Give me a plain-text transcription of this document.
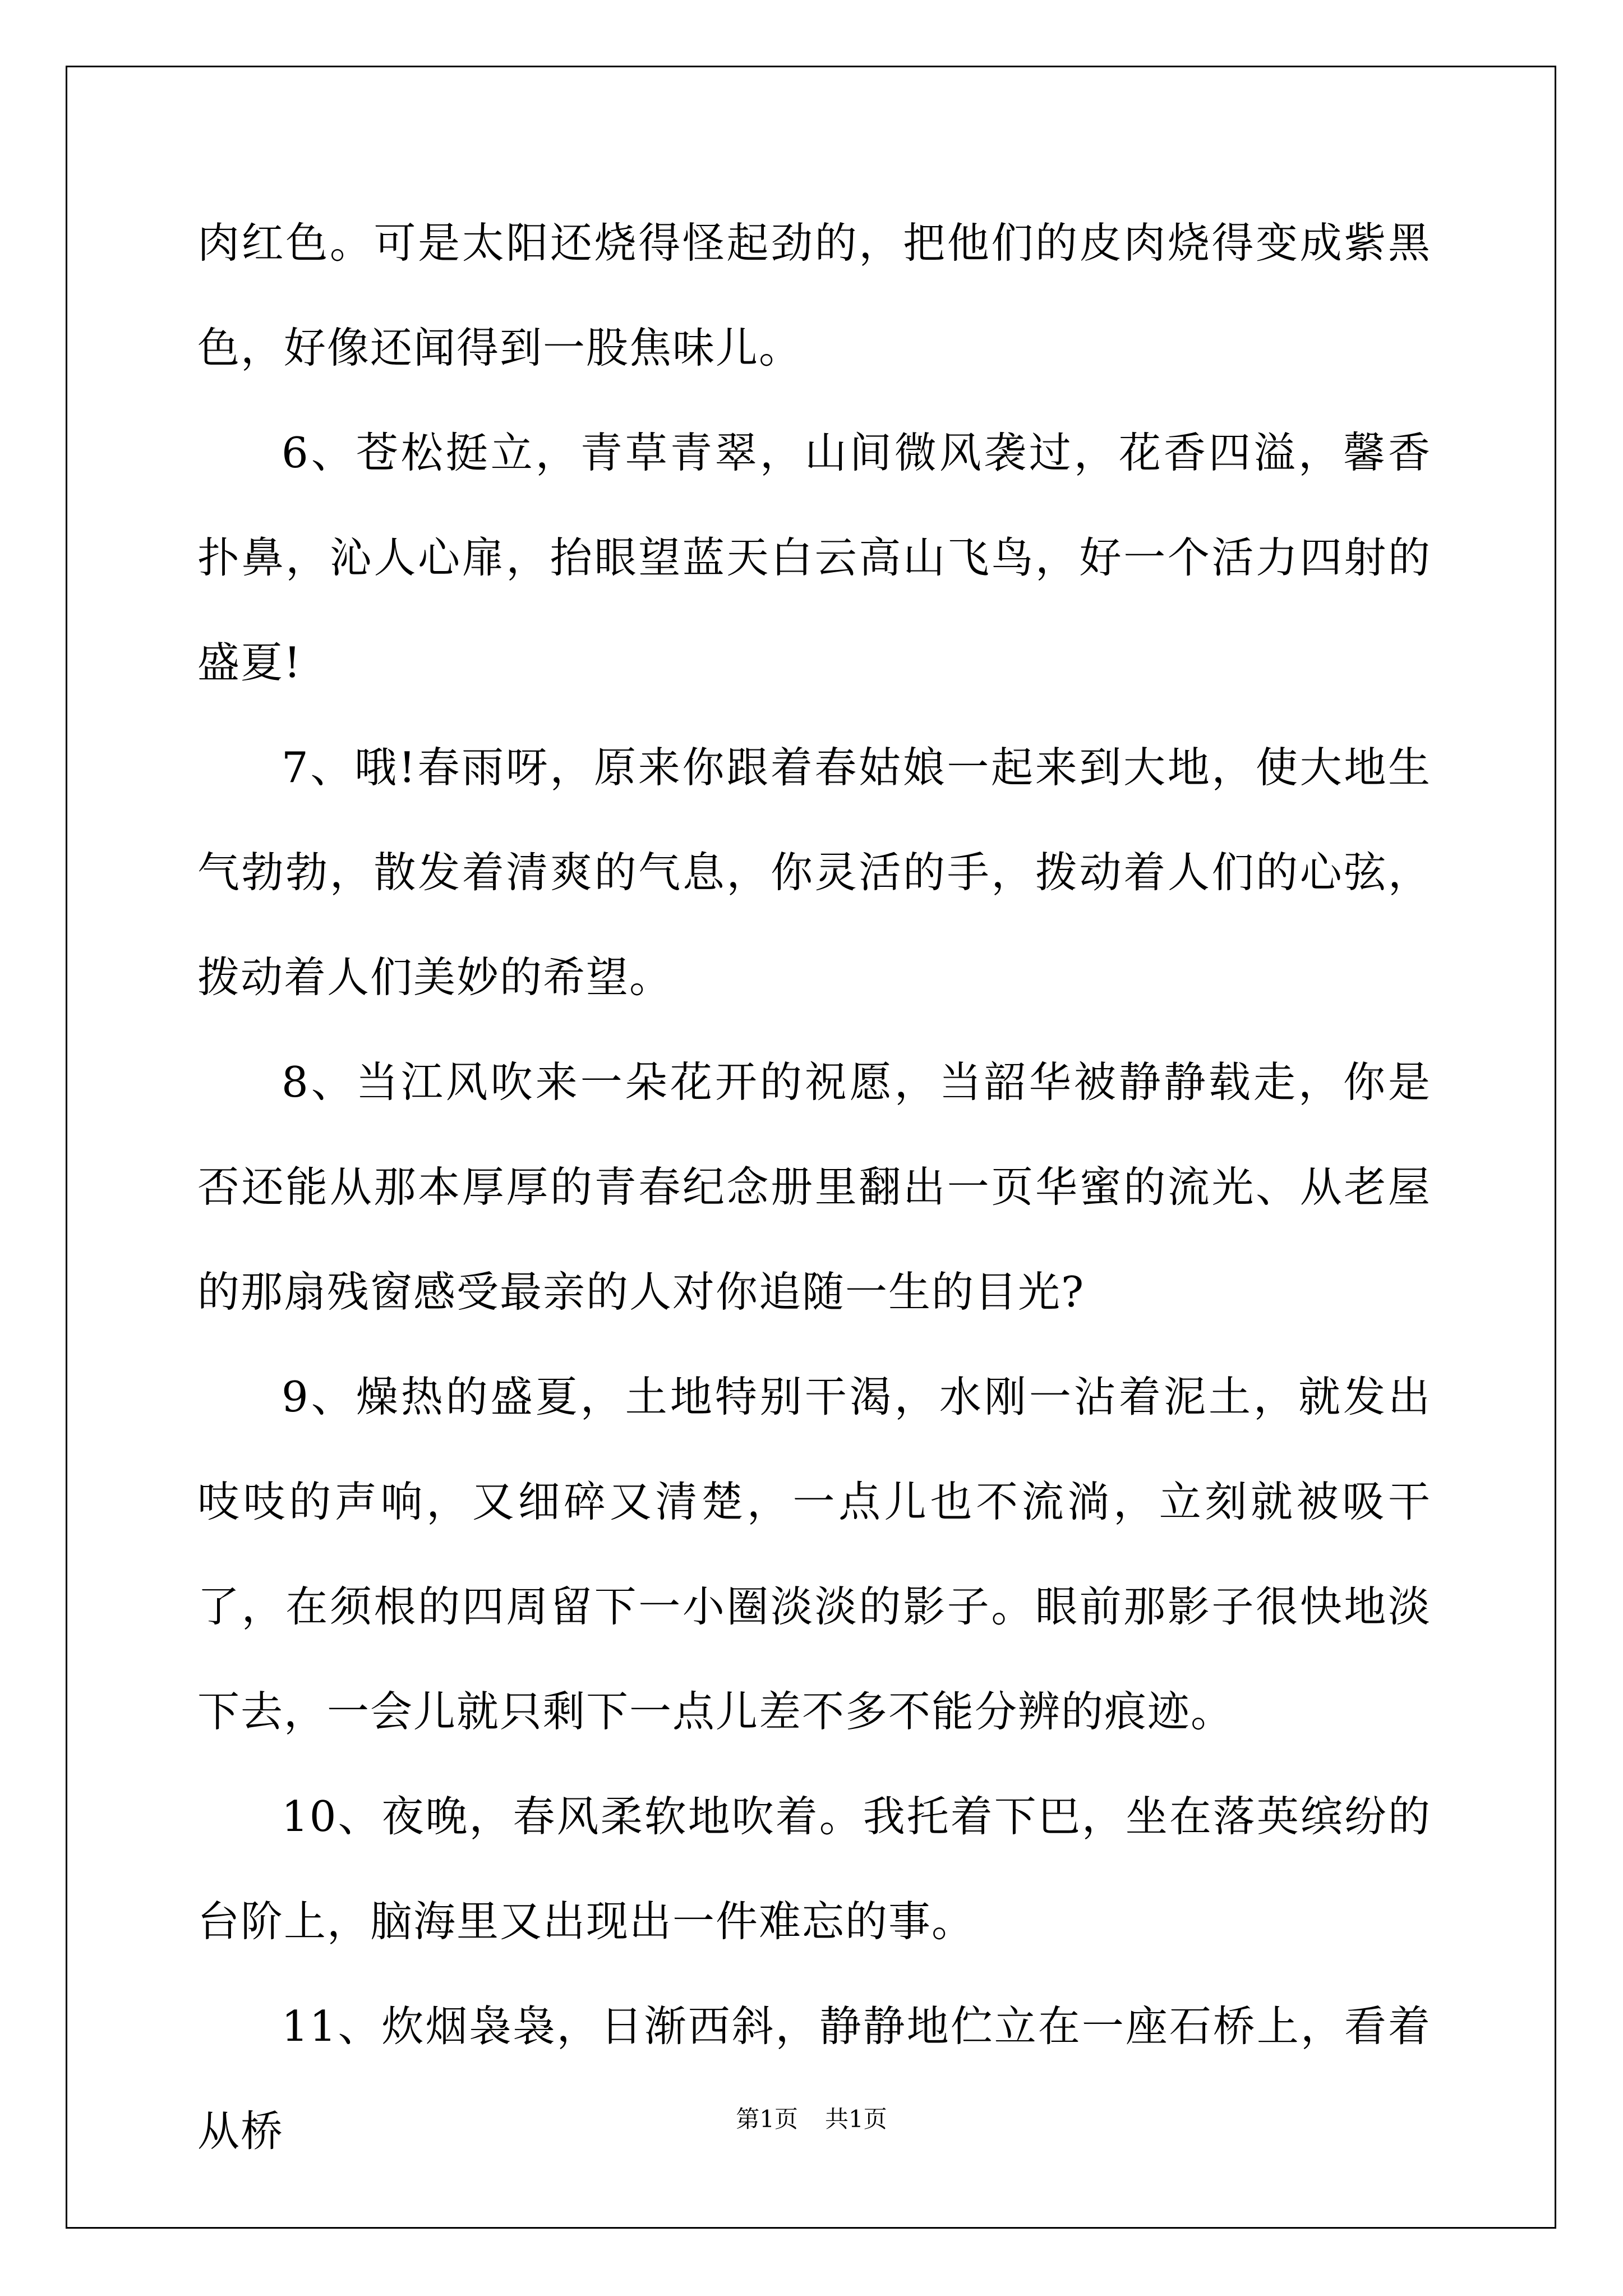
肉红色。可是太阳还烧得怪起劲的，把他们的皮肉烧得变成紫黑色，好像还闻得到一股焦味儿。

6、苍松挺立，青草青翠，山间微风袭过，花香四溢，馨香扑鼻，沁人心扉，抬眼望蓝天白云高山飞鸟，好一个活力四射的盛夏!

7、哦!春雨呀，原来你跟着春姑娘一起来到大地，使大地生气勃勃，散发着清爽的气息，你灵活的手，拨动着人们的心弦，拨动着人们美妙的希望。

8、当江风吹来一朵花开的祝愿，当韶华被静静载走，你是否还能从那本厚厚的青春纪念册里翻出一页华蜜的流光、从老屋的那扇残窗感受最亲的人对你追随一生的目光?

9、燥热的盛夏，土地特别干渴，水刚一沾着泥土，就发出吱吱的声响，又细碎又清楚，一点儿也不流淌，立刻就被吸干了，在须根的四周留下一小圈淡淡的影子。眼前那影子很快地淡下去，一会儿就只剩下一点儿差不多不能分辨的痕迹。

10、夜晚，春风柔软地吹着。我托着下巴，坐在落英缤纷的台阶上，脑海里又出现出一件难忘的事。

11、炊烟袅袅，日渐西斜，静静地伫立在一座石桥上，看着从桥	第1页 共1页
